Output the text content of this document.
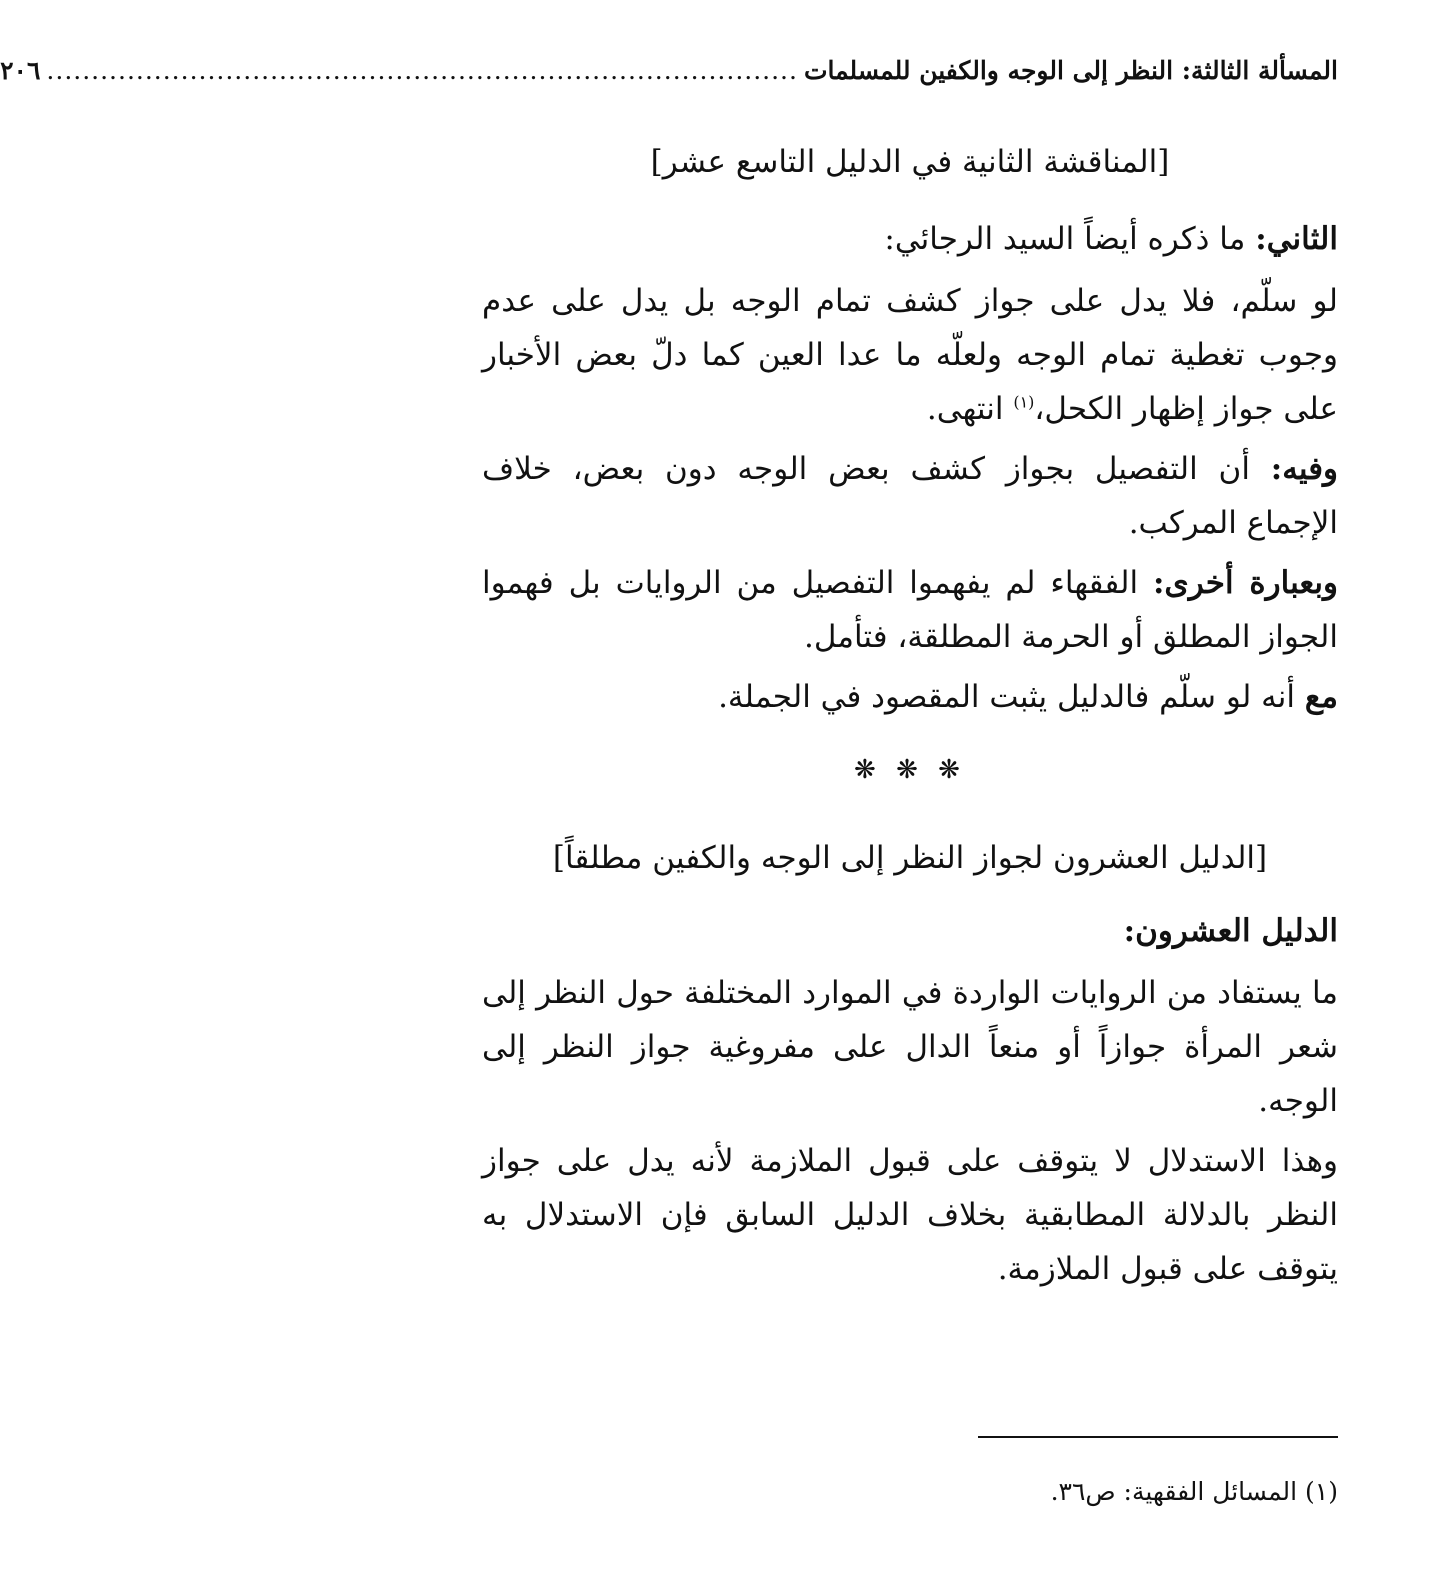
المسألة الثالثة: النظر إلى الوجه والكفين للمسلمات
....................................................................................
٢٠٦

[المناقشة الثانية في الدليل التاسع عشر]

الثاني: ما ذكره أيضاً السيد الرجائي:

لو سلّم، فلا يدل على جواز كشف تمام الوجه بل يدل على عدم وجوب تغطية تمام الوجه ولعلّه ما عدا العين كما دلّ بعض الأخبار على جواز إظهار الكحل،$^{(١)}$ انتهى.

وفيه: أن التفصيل بجواز كشف بعض الوجه دون بعض، خلاف الإجماع المركب.

وبعبارة أخرى: الفقهاء لم يفهموا التفصيل من الروايات بل فهموا الجواز المطلق أو الحرمة المطلقة، فتأمل.

مع أنه لو سلّم فالدليل يثبت المقصود في الجملة.

❋ ❋ ❋

[الدليل العشرون لجواز النظر إلى الوجه والكفين مطلقاً]

الدليل العشرون:

ما يستفاد من الروايات الواردة في الموارد المختلفة حول النظر إلى شعر المرأة جوازاً أو منعاً الدال على مفروغية جواز النظر إلى الوجه.

وهذا الاستدلال لا يتوقف على قبول الملازمة لأنه يدل على جواز النظر بالدلالة المطابقية بخلاف الدليل السابق فإن الاستدلال به يتوقف على قبول الملازمة.

(١) المسائل الفقهية: ص٣٦.
